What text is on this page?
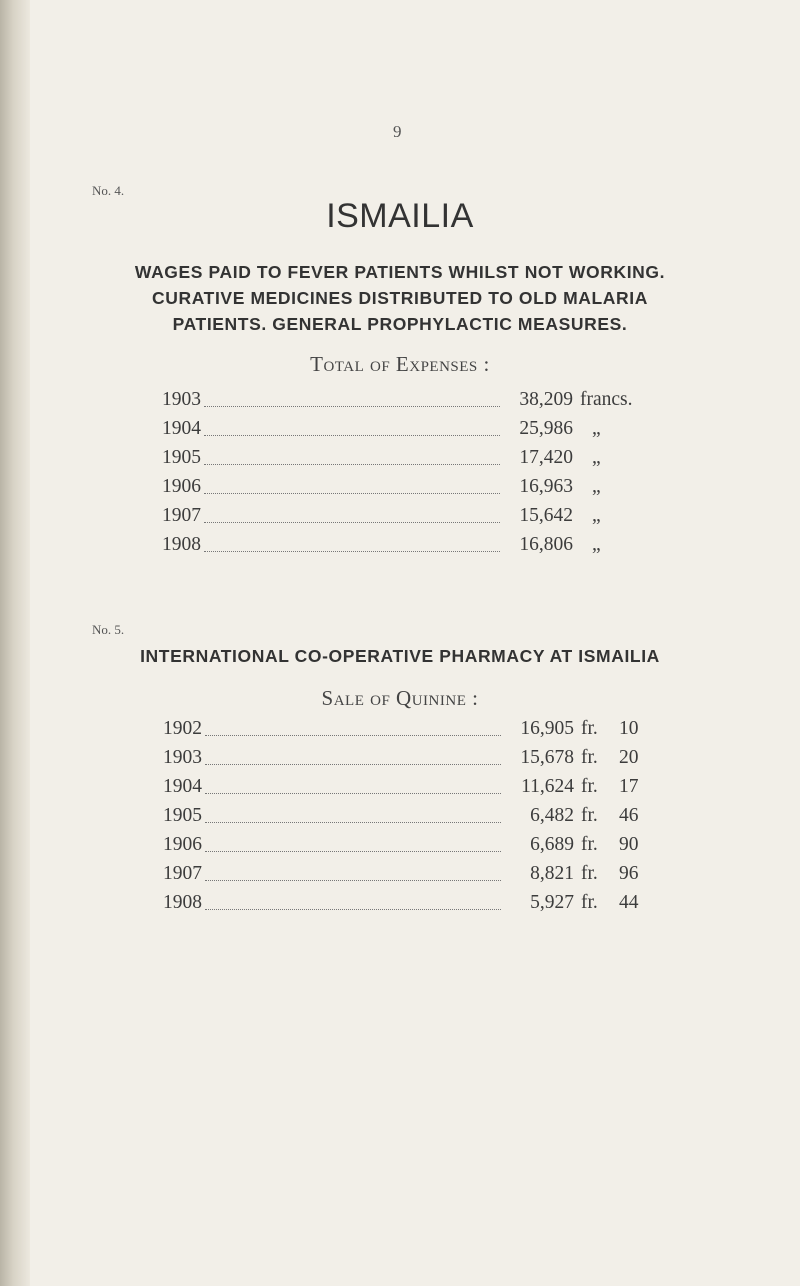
9
No. 4.
ISMAILIA
WAGES PAID TO FEVER PATIENTS WHILST NOT WORKING.
CURATIVE MEDICINES DISTRIBUTED TO OLD MALARIA
PATIENTS. GENERAL PROPHYLACTIC MEASURES.
Total of Expenses :
1903	38,209 francs.
1904	25,986 „
1905	17,420 „
1906	16,963 „
1907	15,642 „
1908	16,806 „
No. 5.
INTERNATIONAL CO-OPERATIVE PHARMACY AT ISMAILIA
Sale of Quinine :
1902	16,905 fr. 10
1903	15,678 fr. 20
1904	11,624 fr. 17
1905	6,482 fr. 46
1906	6,689 fr. 90
1907	8,821 fr. 96
1908	5,927 fr. 44
